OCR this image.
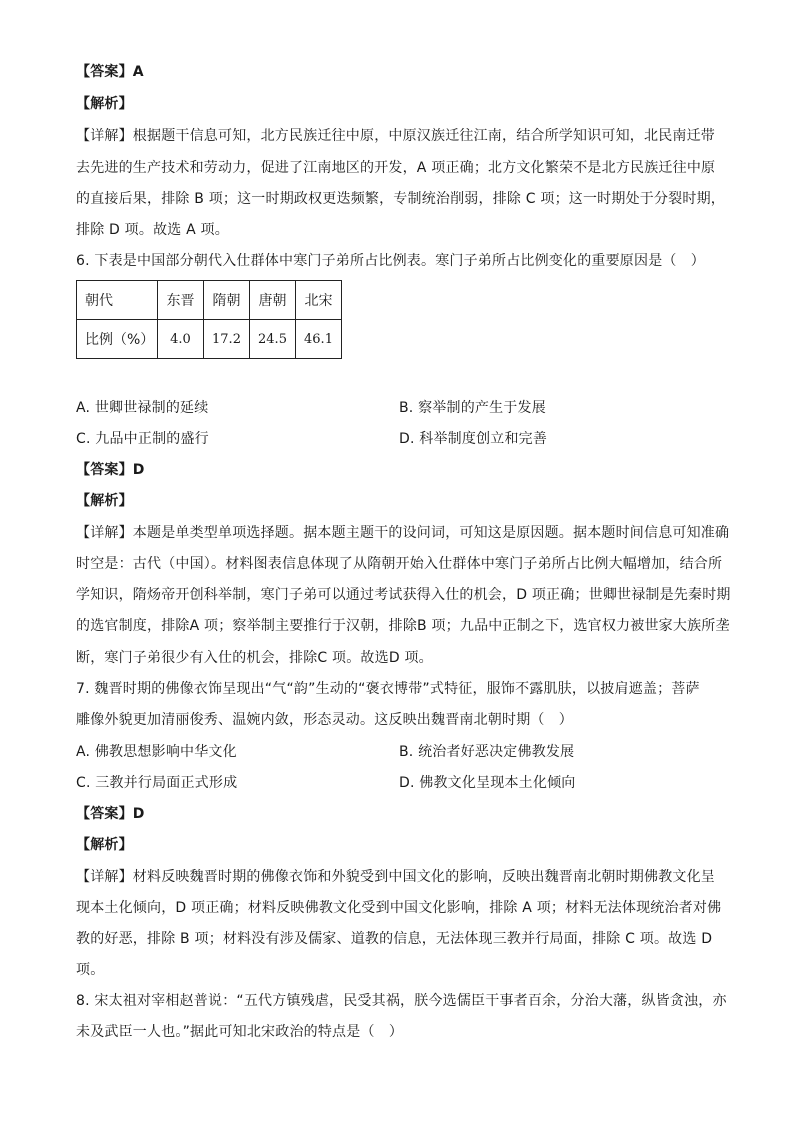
【答案】A
【解析】
【详解】根据题干信息可知，北方民族迁往中原，中原汉族迁往江南，结合所学知识可知，北民南迁带
去先进的生产技术和劳动力，促进了江南地区的开发，A 项正确；北方文化繁荣不是北方民族迁往中原
的直接后果，排除 B 项；这一时期政权更迭频繁，专制统治削弱，排除 C 项；这一时期处于分裂时期，
排除 D 项。故选 A 项。
6. 下表是中国部分朝代入仕群体中寒门子弟所占比例表。寒门子弟所占比例变化的重要原因是（　）
朝代	东晋	隋朝	唐朝	北宋
比例（%）	4.0	17.2	24.5	46.1
A. 世卿世禄制的延续	B. 察举制的产生于发展
C. 九品中正制的盛行	D. 科举制度创立和完善
【答案】D
【解析】
【详解】本题是单类型单项选择题。据本题主题干的设问词，可知这是原因题。据本题时间信息可知准确
时空是：古代（中国）。材料图表信息体现了从隋朝开始入仕群体中寒门子弟所占比例大幅增加，结合所
学知识，隋炀帝开创科举制，寒门子弟可以通过考试获得入仕的机会，D 项正确；世卿世禄制是先秦时期
的选官制度，排除A 项；察举制主要推行于汉朝，排除B 项；九品中正制之下，选官权力被世家大族所垄
断，寒门子弟很少有入仕的机会，排除C 项。故选D 项。
7. 魏晋时期的佛像衣饰呈现出“气“韵”生动的“褒衣博带”式特征，服饰不露肌肤，以披肩遮盖；菩萨
雕像外貌更加清丽俊秀、温婉内敛，形态灵动。这反映出魏晋南北朝时期（　）
A. 佛教思想影响中华文化	B. 统治者好恶决定佛教发展
C. 三教并行局面正式形成	D. 佛教文化呈现本土化倾向
【答案】D
【解析】
【详解】材料反映魏晋时期的佛像衣饰和外貌受到中国文化的影响，反映出魏晋南北朝时期佛教文化呈
现本土化倾向，D 项正确；材料反映佛教文化受到中国文化影响，排除 A 项；材料无法体现统治者对佛
教的好恶，排除 B 项；材料没有涉及儒家、道教的信息，无法体现三教并行局面，排除 C 项。故选 D
项。
8. 宋太祖对宰相赵普说：“五代方镇残虐，民受其祸，朕今选儒臣干事者百余，分治大藩，纵皆贪浊，亦
未及武臣一人也。”据此可知北宋政治的特点是（　）
